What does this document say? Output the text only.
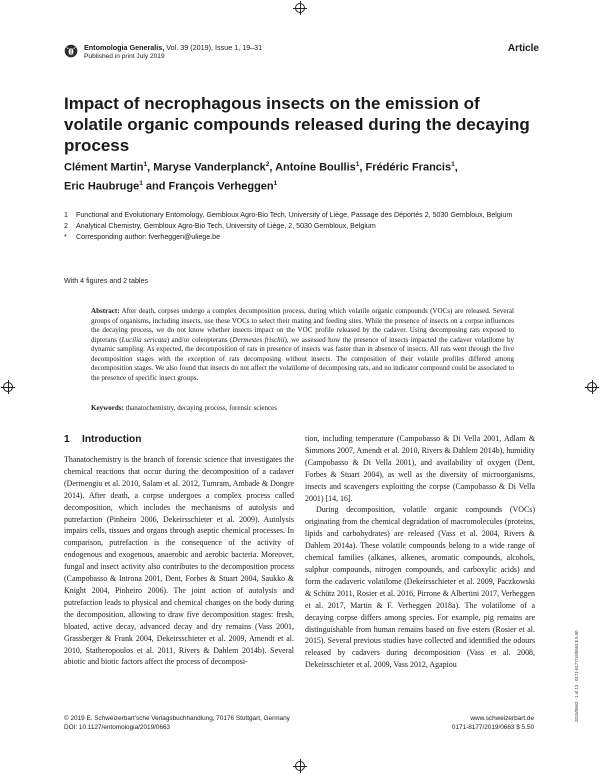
Entomologia Generalis, Vol. 39 (2019), Issue 1, 19–31
Published in print July 2019
Article
Impact of necrophagous insects on the emission of volatile organic compounds released during the decaying process
Clément Martin$^1$, Maryse Vanderplanck$^2$, Antoine Boullis$^1$, Frédéric Francis$^1$,
Eric Haubruge$^1$ and François Verheggen$^1$
1	Functional and Evolutionary Entomology, Gembloux Agro-Bio Tech, University of Liège, Passage des Déportés 2, 5030 Gembloux, Belgium
2	Analytical Chemistry, Gembloux Agro-Bio Tech, University of Liège, 2, 5030 Gembloux, Belgium
*	Corresponding author: fverheggen@uliege.be
With 4 figures and 2 tables
Abstract: After death, corpses undergo a complex decomposition process, during which volatile organic compounds (VOCs) are released. Several groups of organisms, including insects, use these VOCs to select their mating and feeding sites. While the presence of insects on a corpse influences the decaying process, we do not know whether insects impact on the VOC profile released by the cadaver. Using decomposing rats exposed to dipterans (Lucilia sericata) and/or coleopterans (Dermestes frischii), we assessed how the presence of insects impacted the cadaver volatilome by dynamic sampling. As expected, the decomposition of rats in presence of insects was faster than in absence of insects. All rats went through the five decomposition stages with the exception of rats decomposing without insects. The composition of their volatile profiles differed among decomposition stages. We also found that insects do not affect the volatilome of decomposing rats, and no indicator compound could be associated to the presence of specific insect groups.
Keywords: thanatochemistry, decaying process, forensic sciences
1 Introduction

Thanatochemistry is the branch of forensic science that investigates the chemical reactions that occur during the decomposition of a cadaver (Dermengiu et al. 2010, Salam et al. 2012, Tumram, Ambade & Dongre 2014). After death, a corpse undergoes a complex process called decomposition, which includes the mechanisms of autolysis and putrefaction (Pinheiro 2006, Dekeirsschieter et al. 2009). Autolysis impairs cells, tissues and organs through aseptic chemical processes. In comparison, putrefaction is the consequence of the activity of endogenous and exogenous, anaerobic and aerobic bacteria. Moreover, fungal and insect activity also contributes to the decomposition process (Campobasso & Introna 2001, Dent, Forbes & Stuart 2004, Saukko & Knight 2004, Pinheiro 2006). The joint action of autolysis and putrefaction leads to physical and chemical changes on the body during the decomposition, allowing to draw five decomposition stages: fresh, bloated, active decay, advanced decay and dry remains (Vass 2001, Grassberger & Frank 2004, Dekeirsschieter et al. 2009, Amendt et al. 2010, Statheropoulos et al. 2011, Rivers & Dahlem 2014b). Several abiotic and biotic factors affect the process of decomposi-

tion, including temperature (Campobasso & Di Vella 2001, Adlam & Simmons 2007, Amendt et al. 2010, Rivers & Dahlem 2014b), humidity (Campobasso & Di Vella 2001), and availability of oxygen (Dent, Forbes & Stuart 2004), as well as the diversity of microorganisms, insects and scavengers exploiting the corpse (Campobasso & Di Vella 2001) [14, 16].

During decomposition, volatile organic compounds (VOCs) originating from the chemical degradation of macromolecules (proteins, lipids and carbohydrates) are released (Vass et al. 2004, Rivers & Dahlem 2014a). These volatile compounds belong to a wide range of chemical families (alkanes, alkenes, aromatic compounds, alcohols, sulphur compounds, nitrogen compounds, and carboxylic acids) and form the cadaveric volatilome (Dekeirsschieter et al. 2009, Paczkowski & Schütz 2011, Rosier et al. 2016, Pirrone & Albertini 2017, Verheggen et al. 2017, Martin & F. Verheggen 2018a). The volatilome of a decaying corpse differs among species. For example, pig remains are distinguishable from human remains based on five esters (Rosier et al. 2015). Several previous studies have collected and identified the odours released by cadavers during decomposition (Vass et al. 2008, Dekeirsschieter et al. 2009, Vass 2012, Agapiou

© 2019 E. Schweizerbart'sche Verlagsbuchhandlung, 70176 Stuttgart, Germany
DOI: 10.1127/entomologia/2019/0663
www.schweizerbart.de
0171-8177/2019/0663 $ 5.50
2019/0663 · 1 of 13 · 0171-8177/19/0663 $ 5.50
